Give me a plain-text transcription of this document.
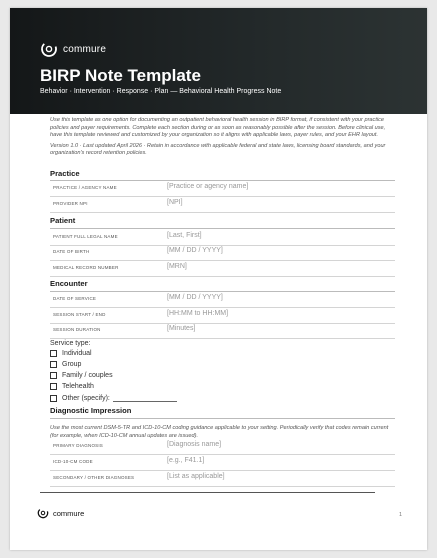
commure
BIRP Note Template
Behavior · Intervention · Response · Plan — Behavioral Health Progress Note

Use this template as one option for documenting an outpatient behavioral health session in BIRP format, if consistent with your practice policies and payer requirements. Complete each section during or as soon as reasonably possible after the session. Before clinical use, have this template reviewed and customized by your organization so it aligns with applicable laws, payer rules, and your EHR layout.

Version 1.0 · Last updated April 2026 · Retain in accordance with applicable federal and state laws, licensing board standards, and your organization's record retention policies.

Practice
PRACTICE / AGENCY NAME	[Practice or agency name]
PROVIDER NPI	[NPI]
Patient
PATIENT FULL LEGAL NAME	[Last, First]
DATE OF BIRTH	[MM / DD / YYYY]
MEDICAL RECORD NUMBER	[MRN]
Encounter
DATE OF SERVICE	[MM / DD / YYYY]
SESSION START / END	[HH:MM to HH:MM]
SESSION DURATION	[Minutes]
Service type:
Individual
Group
Family / couples
Telehealth
Other (specify):
Diagnostic Impression
Use the most current DSM-5-TR and ICD-10-CM coding guidance applicable to your setting. Periodically verify that codes remain current (for example, when ICD-10-CM annual updates are issued).
PRIMARY DIAGNOSIS	[Diagnosis name]
ICD-10-CM CODE	[e.g., F41.1]
SECONDARY / OTHER DIAGNOSES	[List as applicable]
commure	1
